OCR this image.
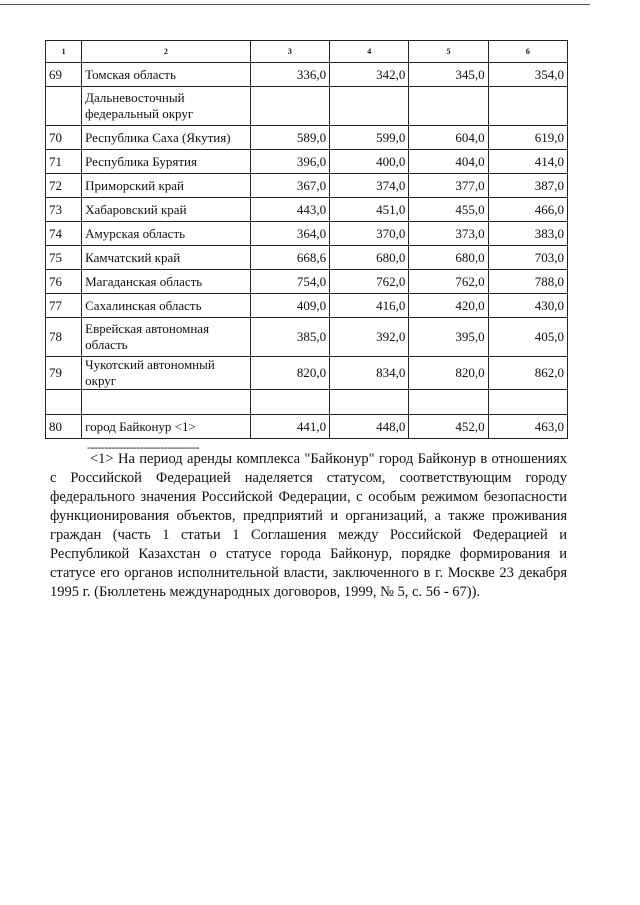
1	2	3	4	5	6
69	Томская область	336,0	342,0	345,0	354,0
	Дальневосточный федеральный округ				
70	Республика Саха (Якутия)	589,0	599,0	604,0	619,0
71	Республика Бурятия	396,0	400,0	404,0	414,0
72	Приморский край	367,0	374,0	377,0	387,0
73	Хабаровский край	443,0	451,0	455,0	466,0
74	Амурская область	364,0	370,0	373,0	383,0
75	Камчатский край	668,6	680,0	680,0	703,0
76	Магаданская область	754,0	762,0	762,0	788,0
77	Сахалинская область	409,0	416,0	420,0	430,0
78	Еврейская автономная область	385,0	392,0	395,0	405,0
79	Чукотский автономный округ	820,0	834,0	820,0	862,0

80	город Байконур <1>	441,0	448,0	452,0	463,0
--------------------------------

<1> На период аренды комплекса "Байконур" город Байконур в отношениях с Российской Федерацией наделяется статусом, соответствующим городу федерального значения Российской Федерации, с особым режимом безопасности функционирования объектов, предприятий и организаций, а также проживания граждан (часть 1 статьи 1 Соглашения между Российской Федерацией и Республикой Казахстан о статусе города Байконур, порядке формирования и статусе его органов исполнительной власти, заключенного в г. Москве 23 декабря 1995 г. (Бюллетень международных договоров, 1999, № 5, с. 56 - 67)).
